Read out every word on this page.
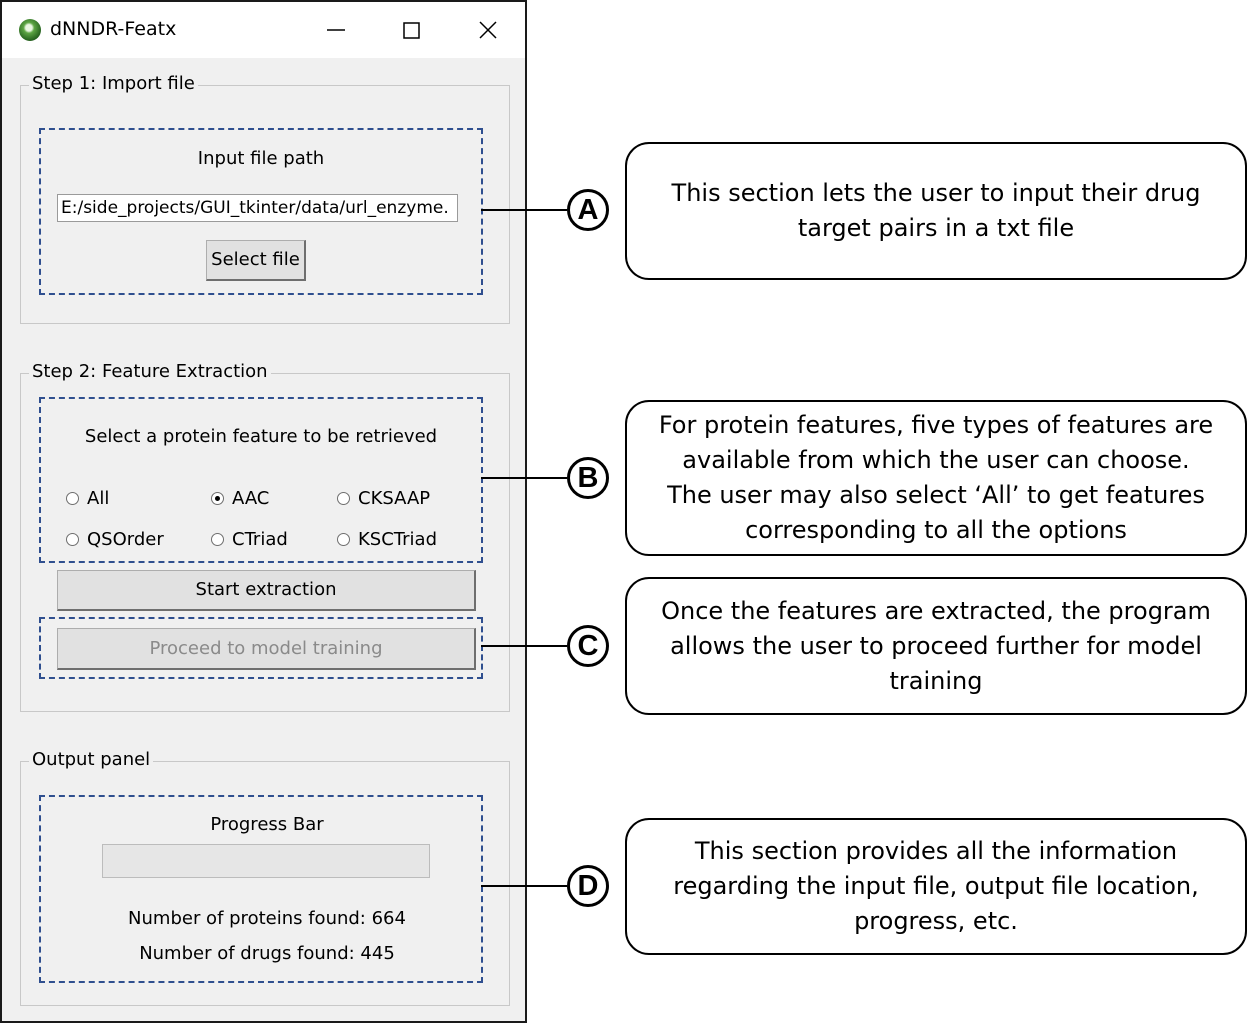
dNNDR-Featx
Step 1: Import file
Input file path
E:/side_projects/GUI_tkinter/data/url_enzyme.
Select file
Step 2: Feature Extraction
Select a protein feature to be retrieved
All	AAC	CKSAAP
QSOrder	CTriad	KSCTriad
Start extraction
Proceed to model training
Output panel
Progress Bar
Number of proteins found: 664
Number of drugs found: 445
A
This section lets the user to input their drug target pairs in a txt file
B
For protein features, five types of features are available from which the user can choose. The user may also select ‘All’ to get features corresponding to all the options
C
Once the features are extracted, the program allows the user to proceed further for model training
D
This section provides all the information regarding the input file, output file location, progress, etc.
